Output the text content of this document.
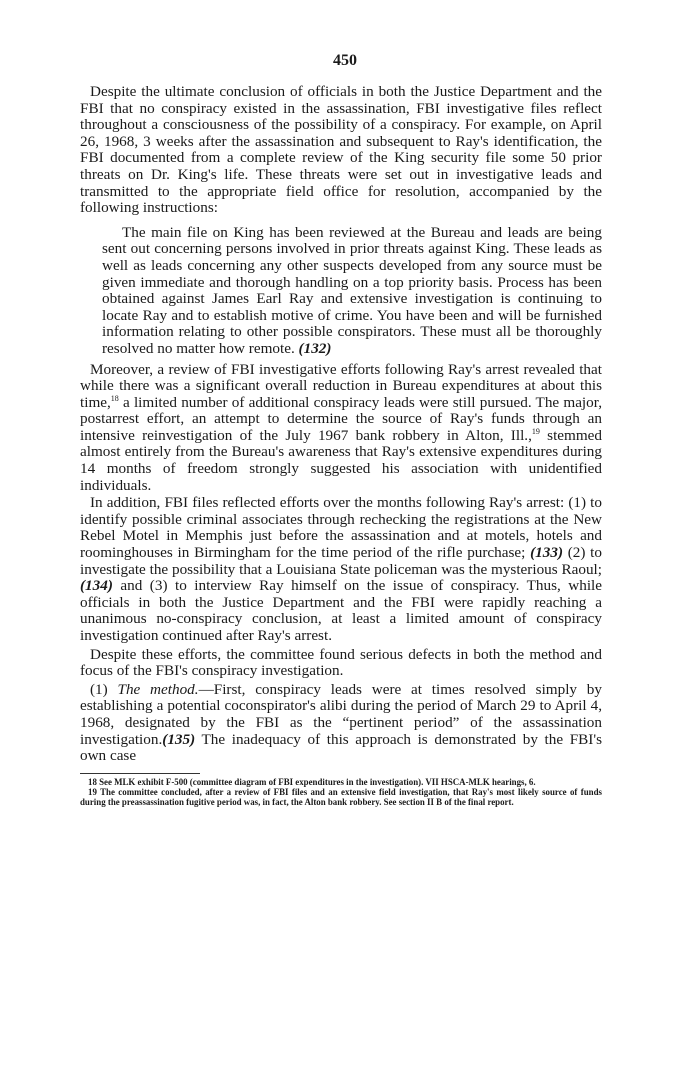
450

Despite the ultimate conclusion of officials in both the Justice Department and the FBI that no conspiracy existed in the assassination, FBI investigative files reflect throughout a consciousness of the possibility of a conspiracy. For example, on April 26, 1968, 3 weeks after the assassination and subsequent to Ray's identification, the FBI documented from a complete review of the King security file some 50 prior threats on Dr. King's life. These threats were set out in investigative leads and transmitted to the appropriate field office for resolution, accompanied by the following instructions:

The main file on King has been reviewed at the Bureau and leads are being sent out concerning persons involved in prior threats against King. These leads as well as leads concerning any other suspects developed from any source must be given immediate and thorough handling on a top priority basis. Process has been obtained against James Earl Ray and extensive investigation is continuing to locate Ray and to establish motive of crime. You have been and will be furnished information relating to other possible conspirators. These must all be thoroughly resolved no matter how remote. (132)

Moreover, a review of FBI investigative efforts following Ray's arrest revealed that while there was a significant overall reduction in Bureau expenditures at about this time,$^{18}$ a limited number of additional conspiracy leads were still pursued. The major, postarrest effort, an attempt to determine the source of Ray's funds through an intensive reinvestigation of the July 1967 bank robbery in Alton, Ill.,$^{19}$ stemmed almost entirely from the Bureau's awareness that Ray's extensive expenditures during 14 months of freedom strongly suggested his association with unidentified individuals.

In addition, FBI files reflected efforts over the months following Ray's arrest: (1) to identify possible criminal associates through rechecking the registrations at the New Rebel Motel in Memphis just before the assassination and at motels, hotels and roominghouses in Birmingham for the time period of the rifle purchase; (133) (2) to investigate the possibility that a Louisiana State policeman was the mysterious Raoul; (134) and (3) to interview Ray himself on the issue of conspiracy. Thus, while officials in both the Justice Department and the FBI were rapidly reaching a unanimous no-conspiracy conclusion, at least a limited amount of conspiracy investigation continued after Ray's arrest.

Despite these efforts, the committee found serious defects in both the method and focus of the FBI's conspiracy investigation.

(1) The method.—First, conspiracy leads were at times resolved simply by establishing a potential coconspirator's alibi during the period of March 29 to April 4, 1968, designated by the FBI as the “pertinent period” of the assassination investigation.(135) The inadequacy of this approach is demonstrated by the FBI's own case

18 See MLK exhibit F-500 (committee diagram of FBI expenditures in the investigation). VII HSCA-MLK hearings, 6.

19 The committee concluded, after a review of FBI files and an extensive field investigation, that Ray's most likely source of funds during the preassassination fugitive period was, in fact, the Alton bank robbery. See section II B of the final report.
